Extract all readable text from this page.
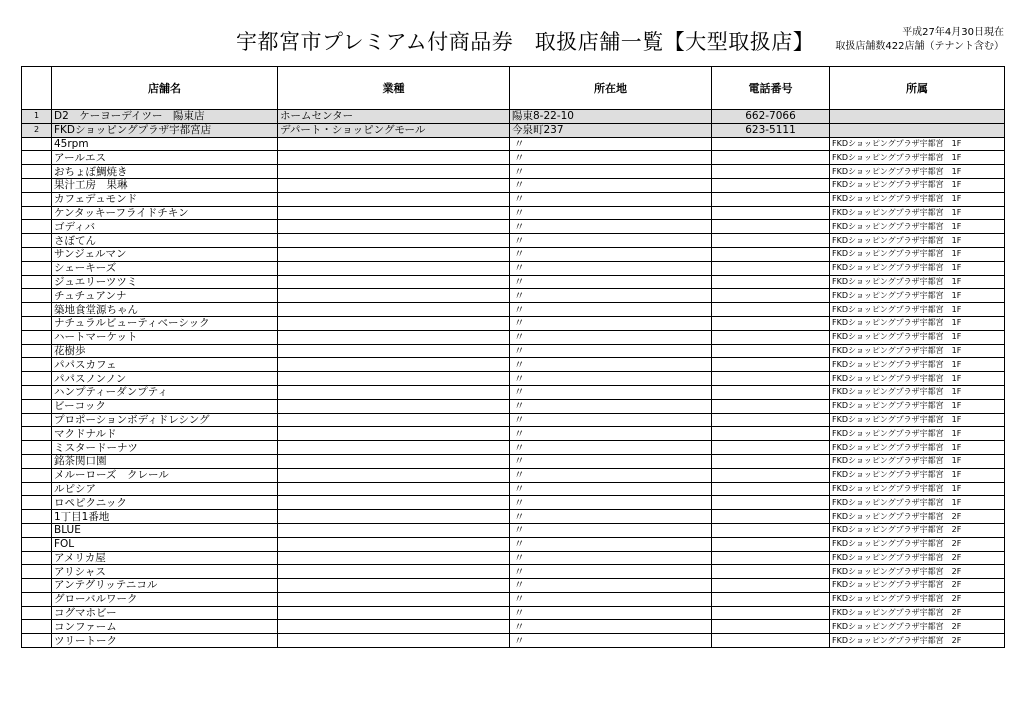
宇都宮市プレミアム付商品券　取扱店舗一覧【大型取扱店】	平成27年4月30日現在
取扱店舗数422店舗（テナント含む）
	店舗名	業種	所在地	電話番号	所属
1	D2　ケーヨーデイツー　陽東店	ホームセンター	陽東8-22-10	662-7066	
2	FKDショッピングプラザ宇都宮店	デパート・ショッピングモール	今泉町237	623-5111	
	45rpm		〃		FKDショッピングプラザ宇都宮　1F
	アールエス		〃		FKDショッピングプラザ宇都宮　1F
	おちょぼ鯛焼き		〃		FKDショッピングプラザ宇都宮　1F
	果汁工房　果琳		〃		FKDショッピングプラザ宇都宮　1F
	カフェデュモンド		〃		FKDショッピングプラザ宇都宮　1F
	ケンタッキーフライドチキン		〃		FKDショッピングプラザ宇都宮　1F
	ゴディバ		〃		FKDショッピングプラザ宇都宮　1F
	さぼてん		〃		FKDショッピングプラザ宇都宮　1F
	サンジェルマン		〃		FKDショッピングプラザ宇都宮　1F
	シェーキーズ		〃		FKDショッピングプラザ宇都宮　1F
	ジュエリーツツミ		〃		FKDショッピングプラザ宇都宮　1F
	チュチュアンナ		〃		FKDショッピングプラザ宇都宮　1F
	築地食堂源ちゃん		〃		FKDショッピングプラザ宇都宮　1F
	ナチュラルビューティベーシック		〃		FKDショッピングプラザ宇都宮　1F
	ハートマーケット		〃		FKDショッピングプラザ宇都宮　1F
	花樹歩		〃		FKDショッピングプラザ宇都宮　1F
	パパスカフェ		〃		FKDショッピングプラザ宇都宮　1F
	パパスノンノン		〃		FKDショッピングプラザ宇都宮　1F
	ハンプティーダンプティ		〃		FKDショッピングプラザ宇都宮　1F
	ビーコック		〃		FKDショッピングプラザ宇都宮　1F
	プロポーションボディドレシング		〃		FKDショッピングプラザ宇都宮　1F
	マクドナルド		〃		FKDショッピングプラザ宇都宮　1F
	ミスタードーナツ		〃		FKDショッピングプラザ宇都宮　1F
	銘茶関口園		〃		FKDショッピングプラザ宇都宮　1F
	メルーローズ　クレール		〃		FKDショッピングプラザ宇都宮　1F
	ルピシア		〃		FKDショッピングプラザ宇都宮　1F
	ロペピクニック		〃		FKDショッピングプラザ宇都宮　1F
	1丁目1番地		〃		FKDショッピングプラザ宇都宮　2F
	BLUE		〃		FKDショッピングプラザ宇都宮　2F
	FOL		〃		FKDショッピングプラザ宇都宮　2F
	アメリカ屋		〃		FKDショッピングプラザ宇都宮　2F
	アリシャス		〃		FKDショッピングプラザ宇都宮　2F
	アンテグリッテニコル		〃		FKDショッピングプラザ宇都宮　2F
	グローバルワーク		〃		FKDショッピングプラザ宇都宮　2F
	コグマホビー		〃		FKDショッピングプラザ宇都宮　2F
	コンファーム		〃		FKDショッピングプラザ宇都宮　2F
	ツリートーク		〃		FKDショッピングプラザ宇都宮　2F
